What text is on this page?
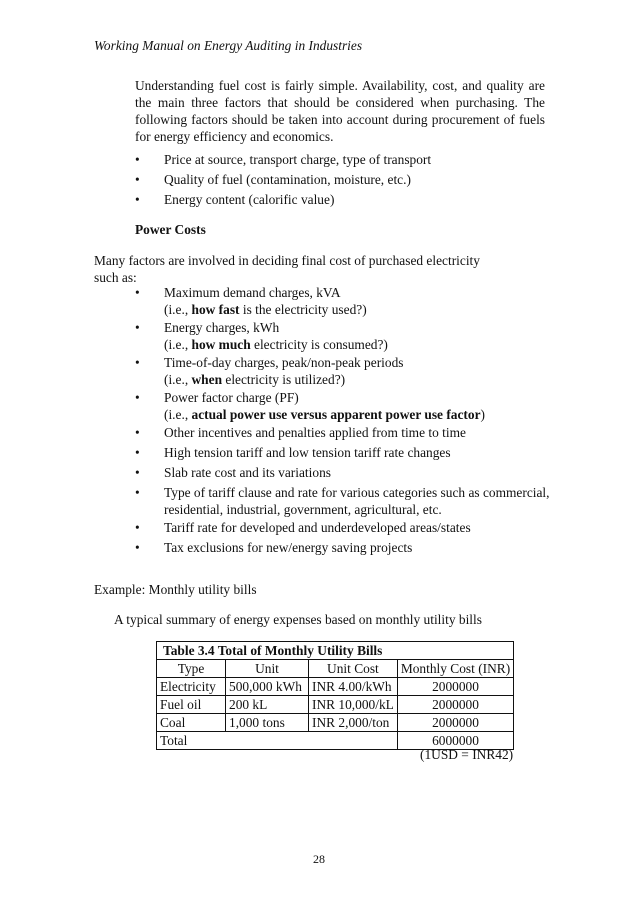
Working Manual on Energy Auditing in Industries
Understanding fuel cost is fairly simple. Availability, cost, and quality are the main three factors that should be considered when purchasing. The following factors should be taken into account during procurement of fuels for energy efficiency and economics.
• Price at source, transport charge, type of transport
• Quality of fuel (contamination, moisture, etc.)
• Energy content (calorific value)
Power Costs
Many factors are involved in deciding final cost of purchased electricity such as:
• Maximum demand charges, kVA
(i.e., how fast is the electricity used?)
• Energy charges, kWh
(i.e., how much electricity is consumed?)
• Time-of-day charges, peak/non-peak periods
(i.e., when electricity is utilized?)
• Power factor charge (PF)
(i.e., actual power use versus apparent power use factor)
• Other incentives and penalties applied from time to time
• High tension tariff and low tension tariff rate changes
• Slab rate cost and its variations
• Type of tariff clause and rate for various categories such as commercial,
residential, industrial, government, agricultural, etc.
• Tariff rate for developed and underdeveloped areas/states
• Tax exclusions for new/energy saving projects
Example: Monthly utility bills
A typical summary of energy expenses based on monthly utility bills
Table 3.4 Total of Monthly Utility Bills			
Type	Unit	Unit Cost	Monthly Cost (INR)
Electricity	500,000 kWh	INR 4.00/kWh	2000000
Fuel oil	200 kL	INR 10,000/kL	2000000
Coal	1,000 tons	INR 2,000/ton	2000000
Total			6000000
(1USD = INR42)
28
